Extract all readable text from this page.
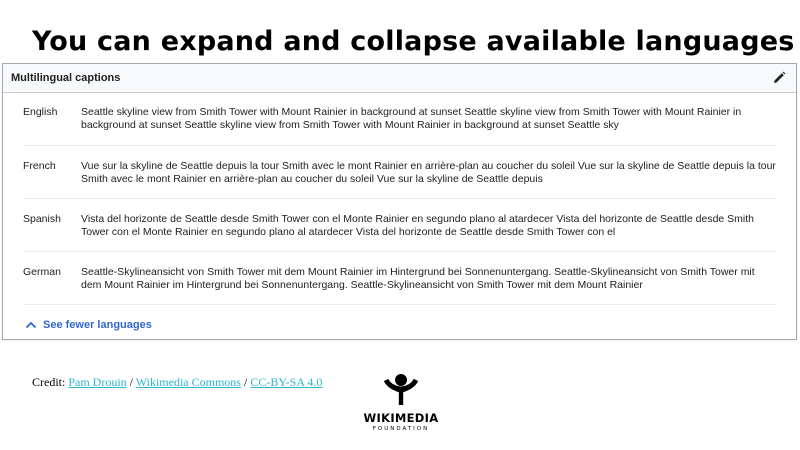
You can expand and collapse available languages
Multilingual captions
English	Seattle skyline view from Smith Tower with Mount Rainier in background at sunset Seattle skyline view from Smith Tower with Mount Rainier in background at sunset Seattle skyline view from Smith Tower with Mount Rainier in background at sunset Seattle sky
French	Vue sur la skyline de Seattle depuis la tour Smith avec le mont Rainier en arrière-plan au coucher du soleil Vue sur la skyline de Seattle depuis la tour Smith avec le mont Rainier en arrière-plan au coucher du soleil Vue sur la skyline de Seattle depuis
Spanish	Vista del horizonte de Seattle desde Smith Tower con el Monte Rainier en segundo plano al atardecer Vista del horizonte de Seattle desde Smith Tower con el Monte Rainier en segundo plano al atardecer Vista del horizonte de Seattle desde Smith Tower con el
German	Seattle-Skylineansicht von Smith Tower mit dem Mount Rainier im Hintergrund bei Sonnenuntergang. Seattle-Skylineansicht von Smith Tower mit dem Mount Rainier im Hintergrund bei Sonnenuntergang. Seattle-Skylineansicht von Smith Tower mit dem Mount Rainier
See fewer languages
Credit: Pam Drouin / Wikimedia Commons / CC-BY-SA 4.0
WIKIMEDIA
FOUNDATION
